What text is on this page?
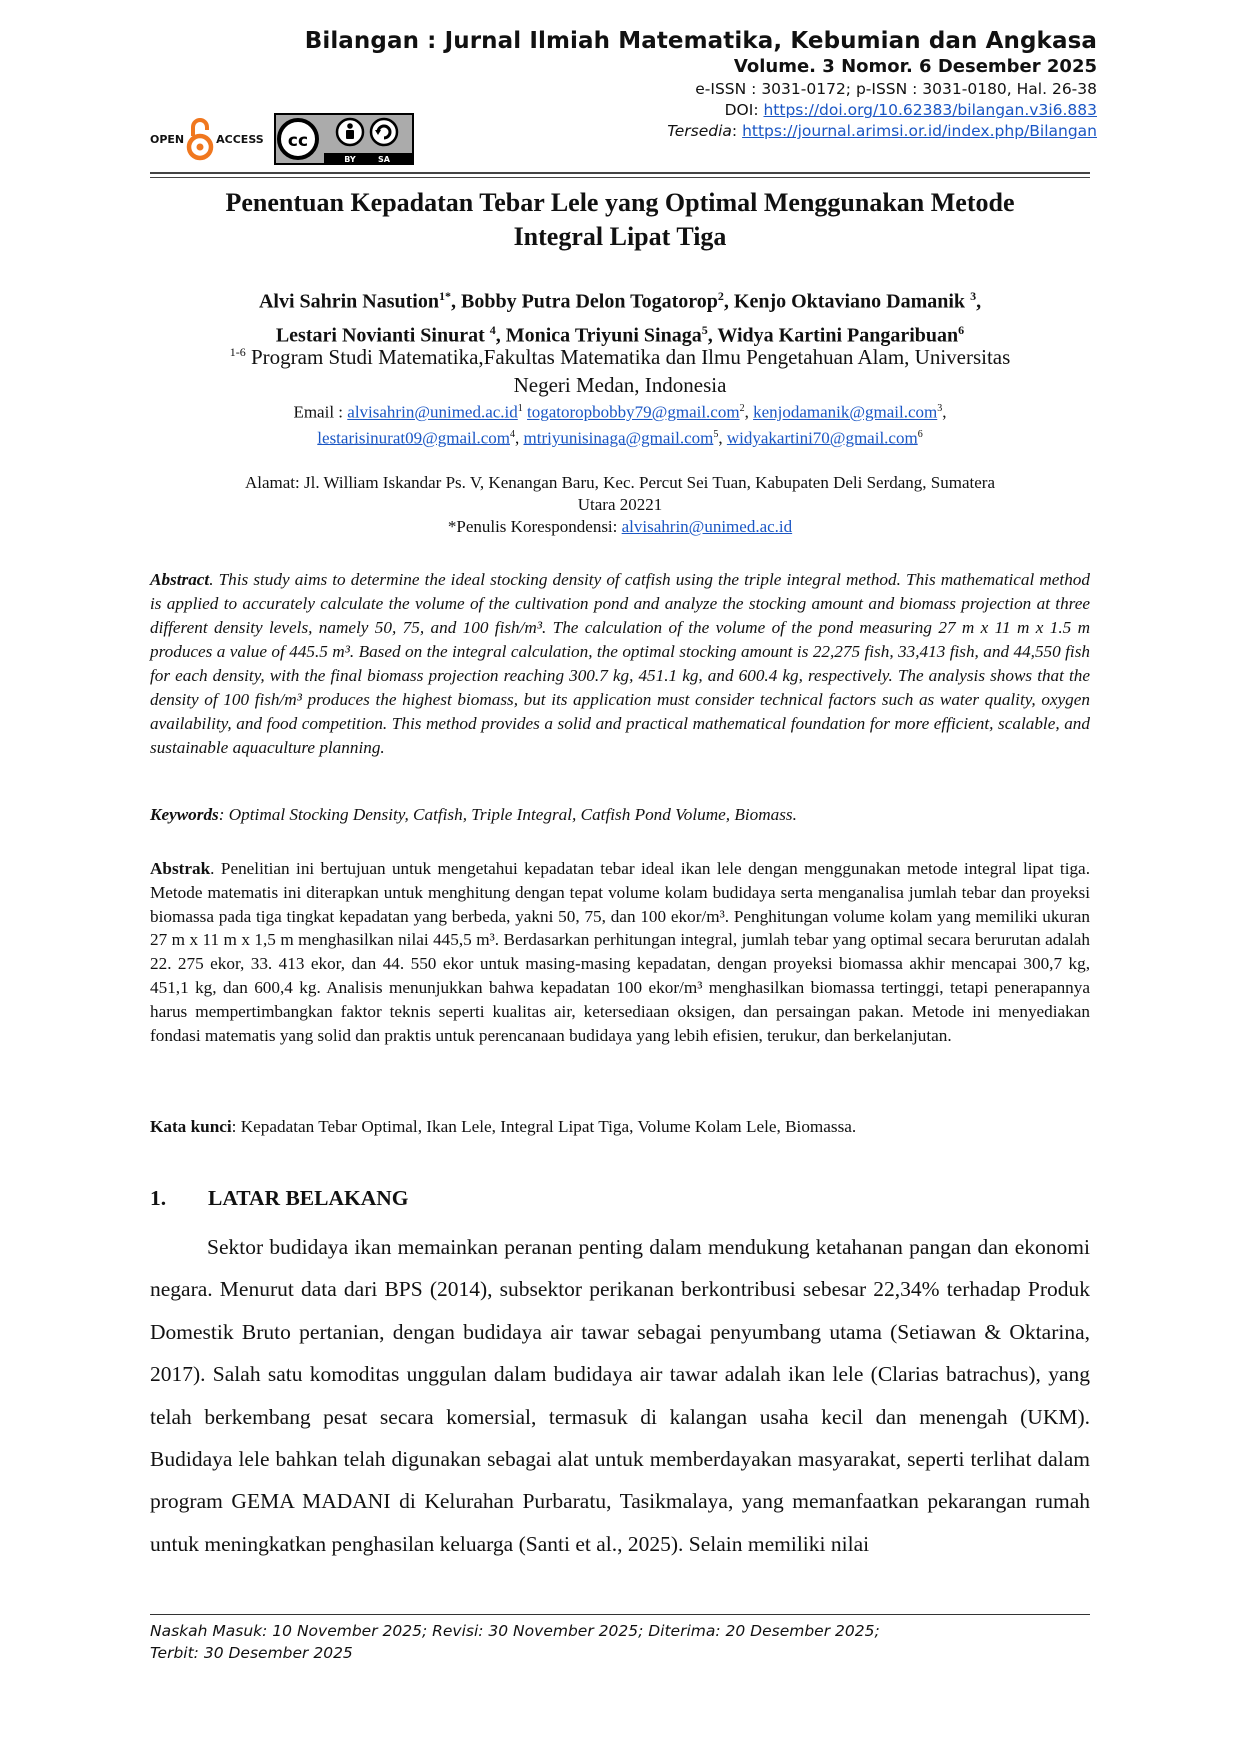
Bilangan : Jurnal Ilmiah Matematika, Kebumian dan Angkasa
Volume. 3 Nomor. 6 Desember 2025
e-ISSN : 3031-0172; p-ISSN : 3031-0180, Hal. 26-38
DOI: https://doi.org/10.62383/bilangan.v3i6.883
Tersedia: https://journal.arimsi.or.id/index.php/Bilangan
OPEN	ACCESS cc
BY	SA
Penentuan Kepadatan Tebar Lele yang Optimal Menggunakan Metode
Integral Lipat Tiga
Alvi Sahrin Nasution$^{1*}$, Bobby Putra Delon Togatorop$^2$, Kenjo Oktaviano Damanik $^3$,
Lestari Novianti Sinurat $^4$, Monica Triyuni Sinaga$^5$, Widya Kartini Pangaribuan$^6$
$^{1-6}$ Program Studi Matematika,Fakultas Matematika dan Ilmu Pengetahuan Alam, Universitas
Negeri Medan, Indonesia
Email : $alvisahrin@unimed.ac.id^1$ togatoropbobby79@gmail.com$^2$, kenjodamanik@gmail.com$^3$,
lestarisinurat09@gmail.com$^4$, mtriyunisinaga@gmail.com$^5$, widyakartini70@gmail.com$^6$
Alamat: Jl. William Iskandar Ps. V, Kenangan Baru, Kec. Percut Sei Tuan, Kabupaten Deli Serdang, Sumatera
Utara 20221
*Penulis Korespondensi: alvisahrin@unimed.ac.id
Abstract. This study aims to determine the ideal stocking density of catfish using the triple integral method. This mathematical method is applied to accurately calculate the volume of the cultivation pond and analyze the stocking amount and biomass projection at three different density levels, namely 50, 75, and 100 fish/m³. The calculation of the volume of the pond measuring 27 m x 11 m x 1.5 m produces a value of 445.5 m³. Based on the integral calculation, the optimal stocking amount is 22,275 fish, 33,413 fish, and 44,550 fish for each density, with the final biomass projection reaching 300.7 kg, 451.1 kg, and 600.4 kg, respectively. The analysis shows that the density of 100 fish/m³ produces the highest biomass, but its application must consider technical factors such as water quality, oxygen availability, and food competition. This method provides a solid and practical mathematical foundation for more efficient, scalable, and sustainable aquaculture planning.
Keywords: Optimal Stocking Density, Catfish, Triple Integral, Catfish Pond Volume, Biomass.
Abstrak. Penelitian ini bertujuan untuk mengetahui kepadatan tebar ideal ikan lele dengan menggunakan metode integral lipat tiga. Metode matematis ini diterapkan untuk menghitung dengan tepat volume kolam budidaya serta menganalisa jumlah tebar dan proyeksi biomassa pada tiga tingkat kepadatan yang berbeda, yakni 50, 75, dan 100 ekor/m³. Penghitungan volume kolam yang memiliki ukuran 27 m x 11 m x 1,5 m menghasilkan nilai 445,5 m³. Berdasarkan perhitungan integral, jumlah tebar yang optimal secara berurutan adalah 22. 275 ekor, 33. 413 ekor, dan 44. 550 ekor untuk masing-masing kepadatan, dengan proyeksi biomassa akhir mencapai 300,7 kg, 451,1 kg, dan 600,4 kg. Analisis menunjukkan bahwa kepadatan 100 ekor/m³ menghasilkan biomassa tertinggi, tetapi penerapannya harus mempertimbangkan faktor teknis seperti kualitas air, ketersediaan oksigen, dan persaingan pakan. Metode ini menyediakan fondasi matematis yang solid dan praktis untuk perencanaan budidaya yang lebih efisien, terukur, dan berkelanjutan.
Kata kunci: Kepadatan Tebar Optimal, Ikan Lele, Integral Lipat Tiga, Volume Kolam Lele, Biomassa.
1. LATAR BELAKANG
Sektor budidaya ikan memainkan peranan penting dalam mendukung ketahanan pangan dan ekonomi negara. Menurut data dari BPS (2014), subsektor perikanan berkontribusi sebesar 22,34% terhadap Produk Domestik Bruto pertanian, dengan budidaya air tawar sebagai penyumbang utama (Setiawan & Oktarina, 2017). Salah satu komoditas unggulan dalam budidaya air tawar adalah ikan lele (Clarias batrachus), yang telah berkembang pesat secara komersial, termasuk di kalangan usaha kecil dan menengah (UKM). Budidaya lele bahkan telah digunakan sebagai alat untuk memberdayakan masyarakat, seperti terlihat dalam program GEMA MADANI di Kelurahan Purbaratu, Tasikmalaya, yang memanfaatkan pekarangan rumah untuk meningkatkan penghasilan keluarga (Santi et al., 2025). Selain memiliki nilai
Naskah Masuk: 10 November 2025; Revisi: 30 November 2025; Diterima: 20 Desember 2025;
Terbit: 30 Desember 2025
